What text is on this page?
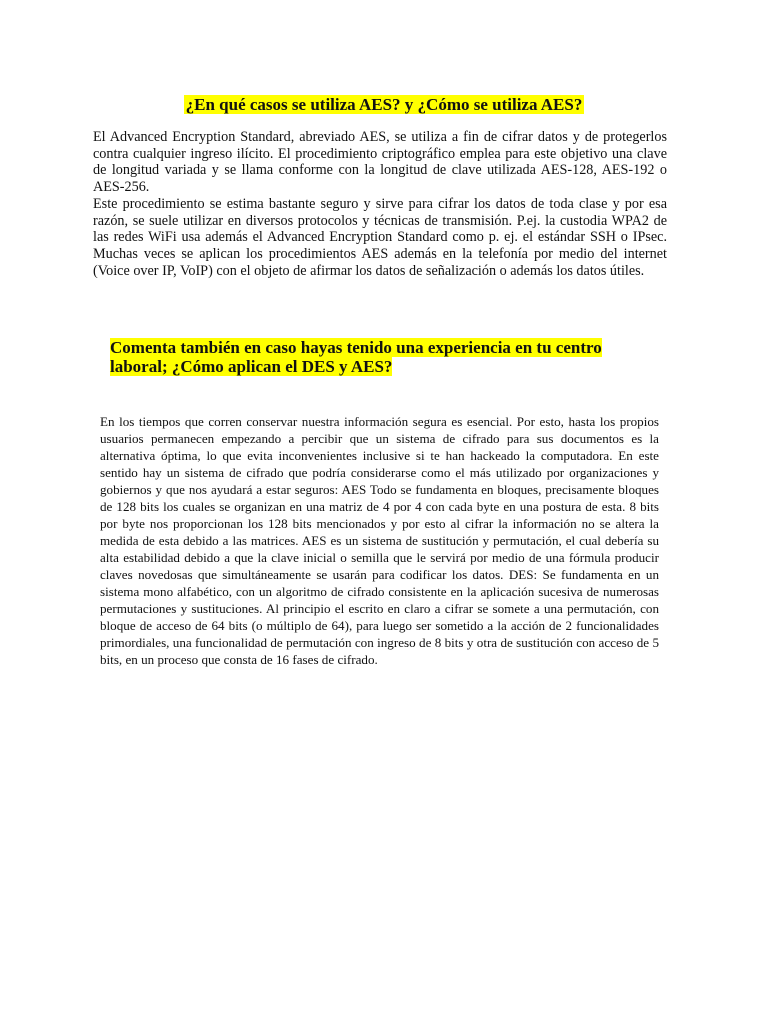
¿En qué casos se utiliza AES? y ¿Cómo se utiliza AES?

El Advanced Encryption Standard, abreviado AES, se utiliza a fin de cifrar datos y de protegerlos contra cualquier ingreso ilícito. El procedimiento criptográfico emplea para este objetivo una clave de longitud variada y se llama conforme con la longitud de clave utilizada AES-128, AES-192 o AES-256.

Este procedimiento se estima bastante seguro y sirve para cifrar los datos de toda clase y por esa razón, se suele utilizar en diversos protocolos y técnicas de transmisión. P.ej. la custodia WPA2 de las redes WiFi usa además el Advanced Encryption Standard como p. ej. el estándar SSH o IPsec. Muchas veces se aplican los procedimientos AES además en la telefonía por medio del internet (Voice over IP, VoIP) con el objeto de afirmar los datos de señalización o además los datos útiles.

Comenta también en caso hayas tenido una experiencia en tu centro laboral; ¿Cómo aplican el DES y AES?

En los tiempos que corren conservar nuestra información segura es esencial. Por esto, hasta los propios usuarios permanecen empezando a percibir que un sistema de cifrado para sus documentos es la alternativa óptima, lo que evita inconvenientes inclusive si te han hackeado la computadora. En este sentido hay un sistema de cifrado que podría considerarse como el más utilizado por organizaciones y gobiernos y que nos ayudará a estar seguros: AES Todo se fundamenta en bloques, precisamente bloques de 128 bits los cuales se organizan en una matriz de 4 por 4 con cada byte en una postura de esta. 8 bits por byte nos proporcionan los 128 bits mencionados y por esto al cifrar la información no se altera la medida de esta debido a las matrices. AES es un sistema de sustitución y permutación, el cual debería su alta estabilidad debido a que la clave inicial o semilla que le servirá por medio de una fórmula producir claves novedosas que simultáneamente se usarán para codificar los datos. DES: Se fundamenta en un sistema mono alfabético, con un algoritmo de cifrado consistente en la aplicación sucesiva de numerosas permutaciones y sustituciones. Al principio el escrito en claro a cifrar se somete a una permutación, con bloque de acceso de 64 bits (o múltiplo de 64), para luego ser sometido a la acción de 2 funcionalidades primordiales, una funcionalidad de permutación con ingreso de 8 bits y otra de sustitución con acceso de 5 bits, en un proceso que consta de 16 fases de cifrado.
